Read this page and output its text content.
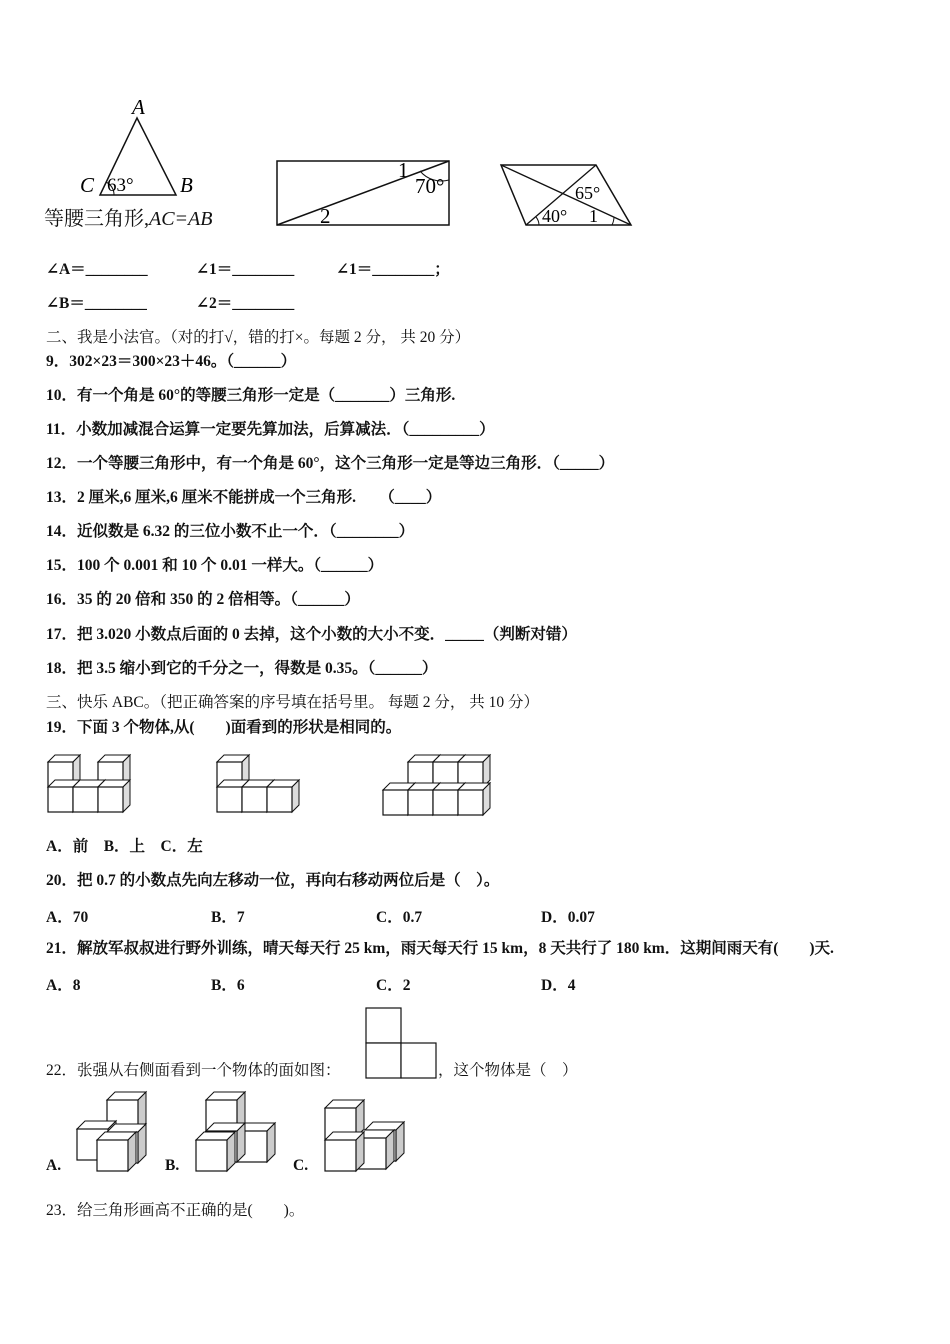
A
C 63° B
等腰三角形,AC=AB
1
70°
2
65°
40° 1
∠A＝________	∠1＝________	∠1＝________；
∠B＝________	∠2＝________
二、我是小法官。（对的打√，错的打×。每题 2 分， 共 20 分）
9．302×23＝300×23＋46。（______）
10．有一个角是 60°的等腰三角形一定是（_______）三角形.
11．小数加减混合运算一定要先算加法，后算减法．（_________）
12．一个等腰三角形中，有一个角是 60°，这个三角形一定是等边三角形．（_____）
13．2 厘米,6 厘米,6 厘米不能拼成一个三角形.　　（____）
14．近似数是 6.32 的三位小数不止一个．（________）
15．100 个 0.001 和 10 个 0.01 一样大。（______）
16．35 的 20 倍和 350 的 2 倍相等。（______）
17．把 3.020 小数点后面的 0 去掉，这个小数的大小不变．_____（判断对错）
18．把 3.5 缩小到它的千分之一，得数是 0.35。（______）
三、快乐 ABC。（把正确答案的序号填在括号里。 每题 2 分， 共 10 分）
19．下面 3 个物体,从(　　)面看到的形状是相同的。
A．前　B．上　C．左
20．把 0.7 的小数点先向左移动一位，再向右移动两位后是（　）。
A．70	B．7	C．0.7	D．0.07
21．解放军叔叔进行野外训练，晴天每天行 25 km，雨天每天行 15 km，8 天共行了 180 km．这期间雨天有(　　)天.
A．8	B．6	C．2	D．4
22．张强从右侧面看到一个物体的面如图：	，这个物体是（　）
A.	B.	C.
23．给三角形画高不正确的是(　　)。
